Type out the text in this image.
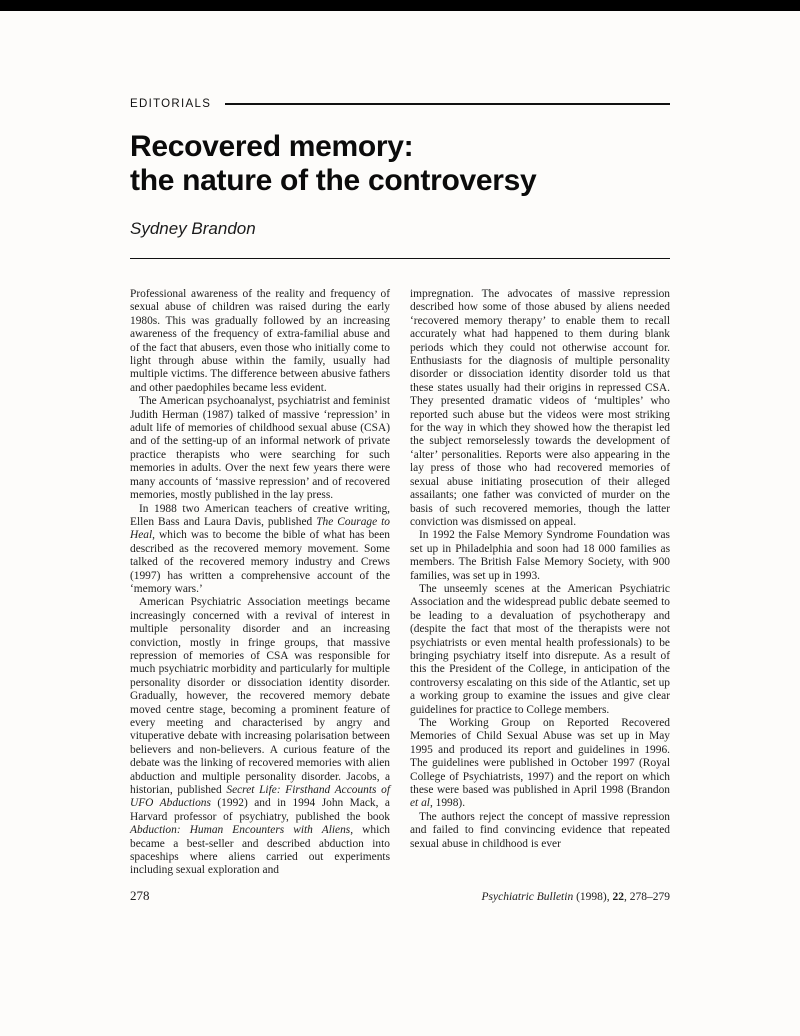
EDITORIALS
Recovered memory:
the nature of the controversy
Sydney Brandon

Professional awareness of the reality and frequency of sexual abuse of children was raised during the early 1980s. This was gradually followed by an increasing awareness of the frequency of extra-familial abuse and of the fact that abusers, even those who initially come to light through abuse within the family, usually had multiple victims. The difference between abusive fathers and other paedophiles became less evident.

The American psychoanalyst, psychiatrist and feminist Judith Herman (1987) talked of massive ‘repression’ in adult life of memories of childhood sexual abuse (CSA) and of the setting-up of an informal network of private practice therapists who were searching for such memories in adults. Over the next few years there were many accounts of ‘massive repression’ and of recovered memories, mostly published in the lay press.

In 1988 two American teachers of creative writing, Ellen Bass and Laura Davis, published The Courage to Heal, which was to become the bible of what has been described as the recovered memory movement. Some talked of the recovered memory industry and Crews (1997) has written a comprehensive account of the ‘memory wars.’

American Psychiatric Association meetings became increasingly concerned with a revival of interest in multiple personality disorder and an increasing conviction, mostly in fringe groups, that massive repression of memories of CSA was responsible for much psychiatric morbidity and particularly for multiple personality disorder or dissociation identity disorder. Gradually, however, the recovered memory debate moved centre stage, becoming a prominent feature of every meeting and characterised by angry and vituperative debate with increasing polarisation between believers and non-believers. A curious feature of the debate was the linking of recovered memories with alien abduction and multiple personality disorder. Jacobs, a historian, published Secret Life: Firsthand Accounts of UFO Abductions (1992) and in 1994 John Mack, a Harvard professor of psychiatry, published the book Abduction: Human Encounters with Aliens, which became a best-seller and described abduction into spaceships where aliens carried out experiments including sexual exploration and

impregnation. The advocates of massive repression described how some of those abused by aliens needed ‘recovered memory therapy’ to enable them to recall accurately what had happened to them during blank periods which they could not otherwise account for. Enthusiasts for the diagnosis of multiple personality disorder or dissociation identity disorder told us that these states usually had their origins in repressed CSA. They presented dramatic videos of ‘multiples’ who reported such abuse but the videos were most striking for the way in which they showed how the therapist led the subject remorselessly towards the development of ‘alter’ personalities. Reports were also appearing in the lay press of those who had recovered memories of sexual abuse initiating prosecution of their alleged assailants; one father was convicted of murder on the basis of such recovered memories, though the latter conviction was dismissed on appeal.

In 1992 the False Memory Syndrome Foundation was set up in Philadelphia and soon had 18 000 families as members. The British False Memory Society, with 900 families, was set up in 1993.

The unseemly scenes at the American Psychiatric Association and the widespread public debate seemed to be leading to a devaluation of psychotherapy and (despite the fact that most of the therapists were not psychiatrists or even mental health professionals) to be bringing psychiatry itself into disrepute. As a result of this the President of the College, in anticipation of the controversy escalating on this side of the Atlantic, set up a working group to examine the issues and give clear guidelines for practice to College members.

The Working Group on Reported Recovered Memories of Child Sexual Abuse was set up in May 1995 and produced its report and guidelines in 1996. The guidelines were published in October 1997 (Royal College of Psychiatrists, 1997) and the report on which these were based was published in April 1998 (Brandon et al, 1998).

The authors reject the concept of massive repression and failed to find convincing evidence that repeated sexual abuse in childhood is ever

278	Psychiatric Bulletin (1998), 22, 278–279
